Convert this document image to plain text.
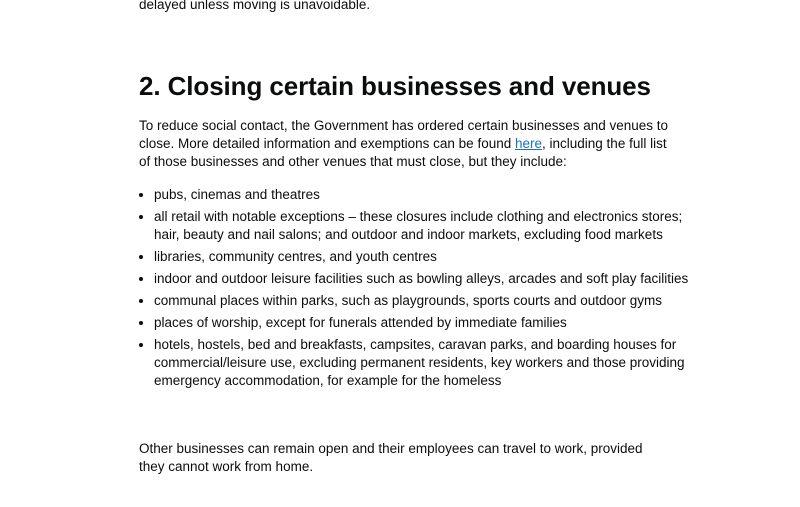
delayed unless moving is unavoidable.

2. Closing certain businesses and venues

To reduce social contact, the Government has ordered certain businesses and venues to close. More detailed information and exemptions can be found here, including the full list of those businesses and other venues that must close, but they include:

• pubs, cinemas and theatres
• all retail with notable exceptions – these closures include clothing and electronics stores; hair, beauty and nail salons; and outdoor and indoor markets, excluding food markets
• libraries, community centres, and youth centres
• indoor and outdoor leisure facilities such as bowling alleys, arcades and soft play facilities
• communal places within parks, such as playgrounds, sports courts and outdoor gyms
• places of worship, except for funerals attended by immediate families
• hotels, hostels, bed and breakfasts, campsites, caravan parks, and boarding houses for commercial/leisure use, excluding permanent residents, key workers and those providing emergency accommodation, for example for the homeless

Other businesses can remain open and their employees can travel to work, provided they cannot work from home.
